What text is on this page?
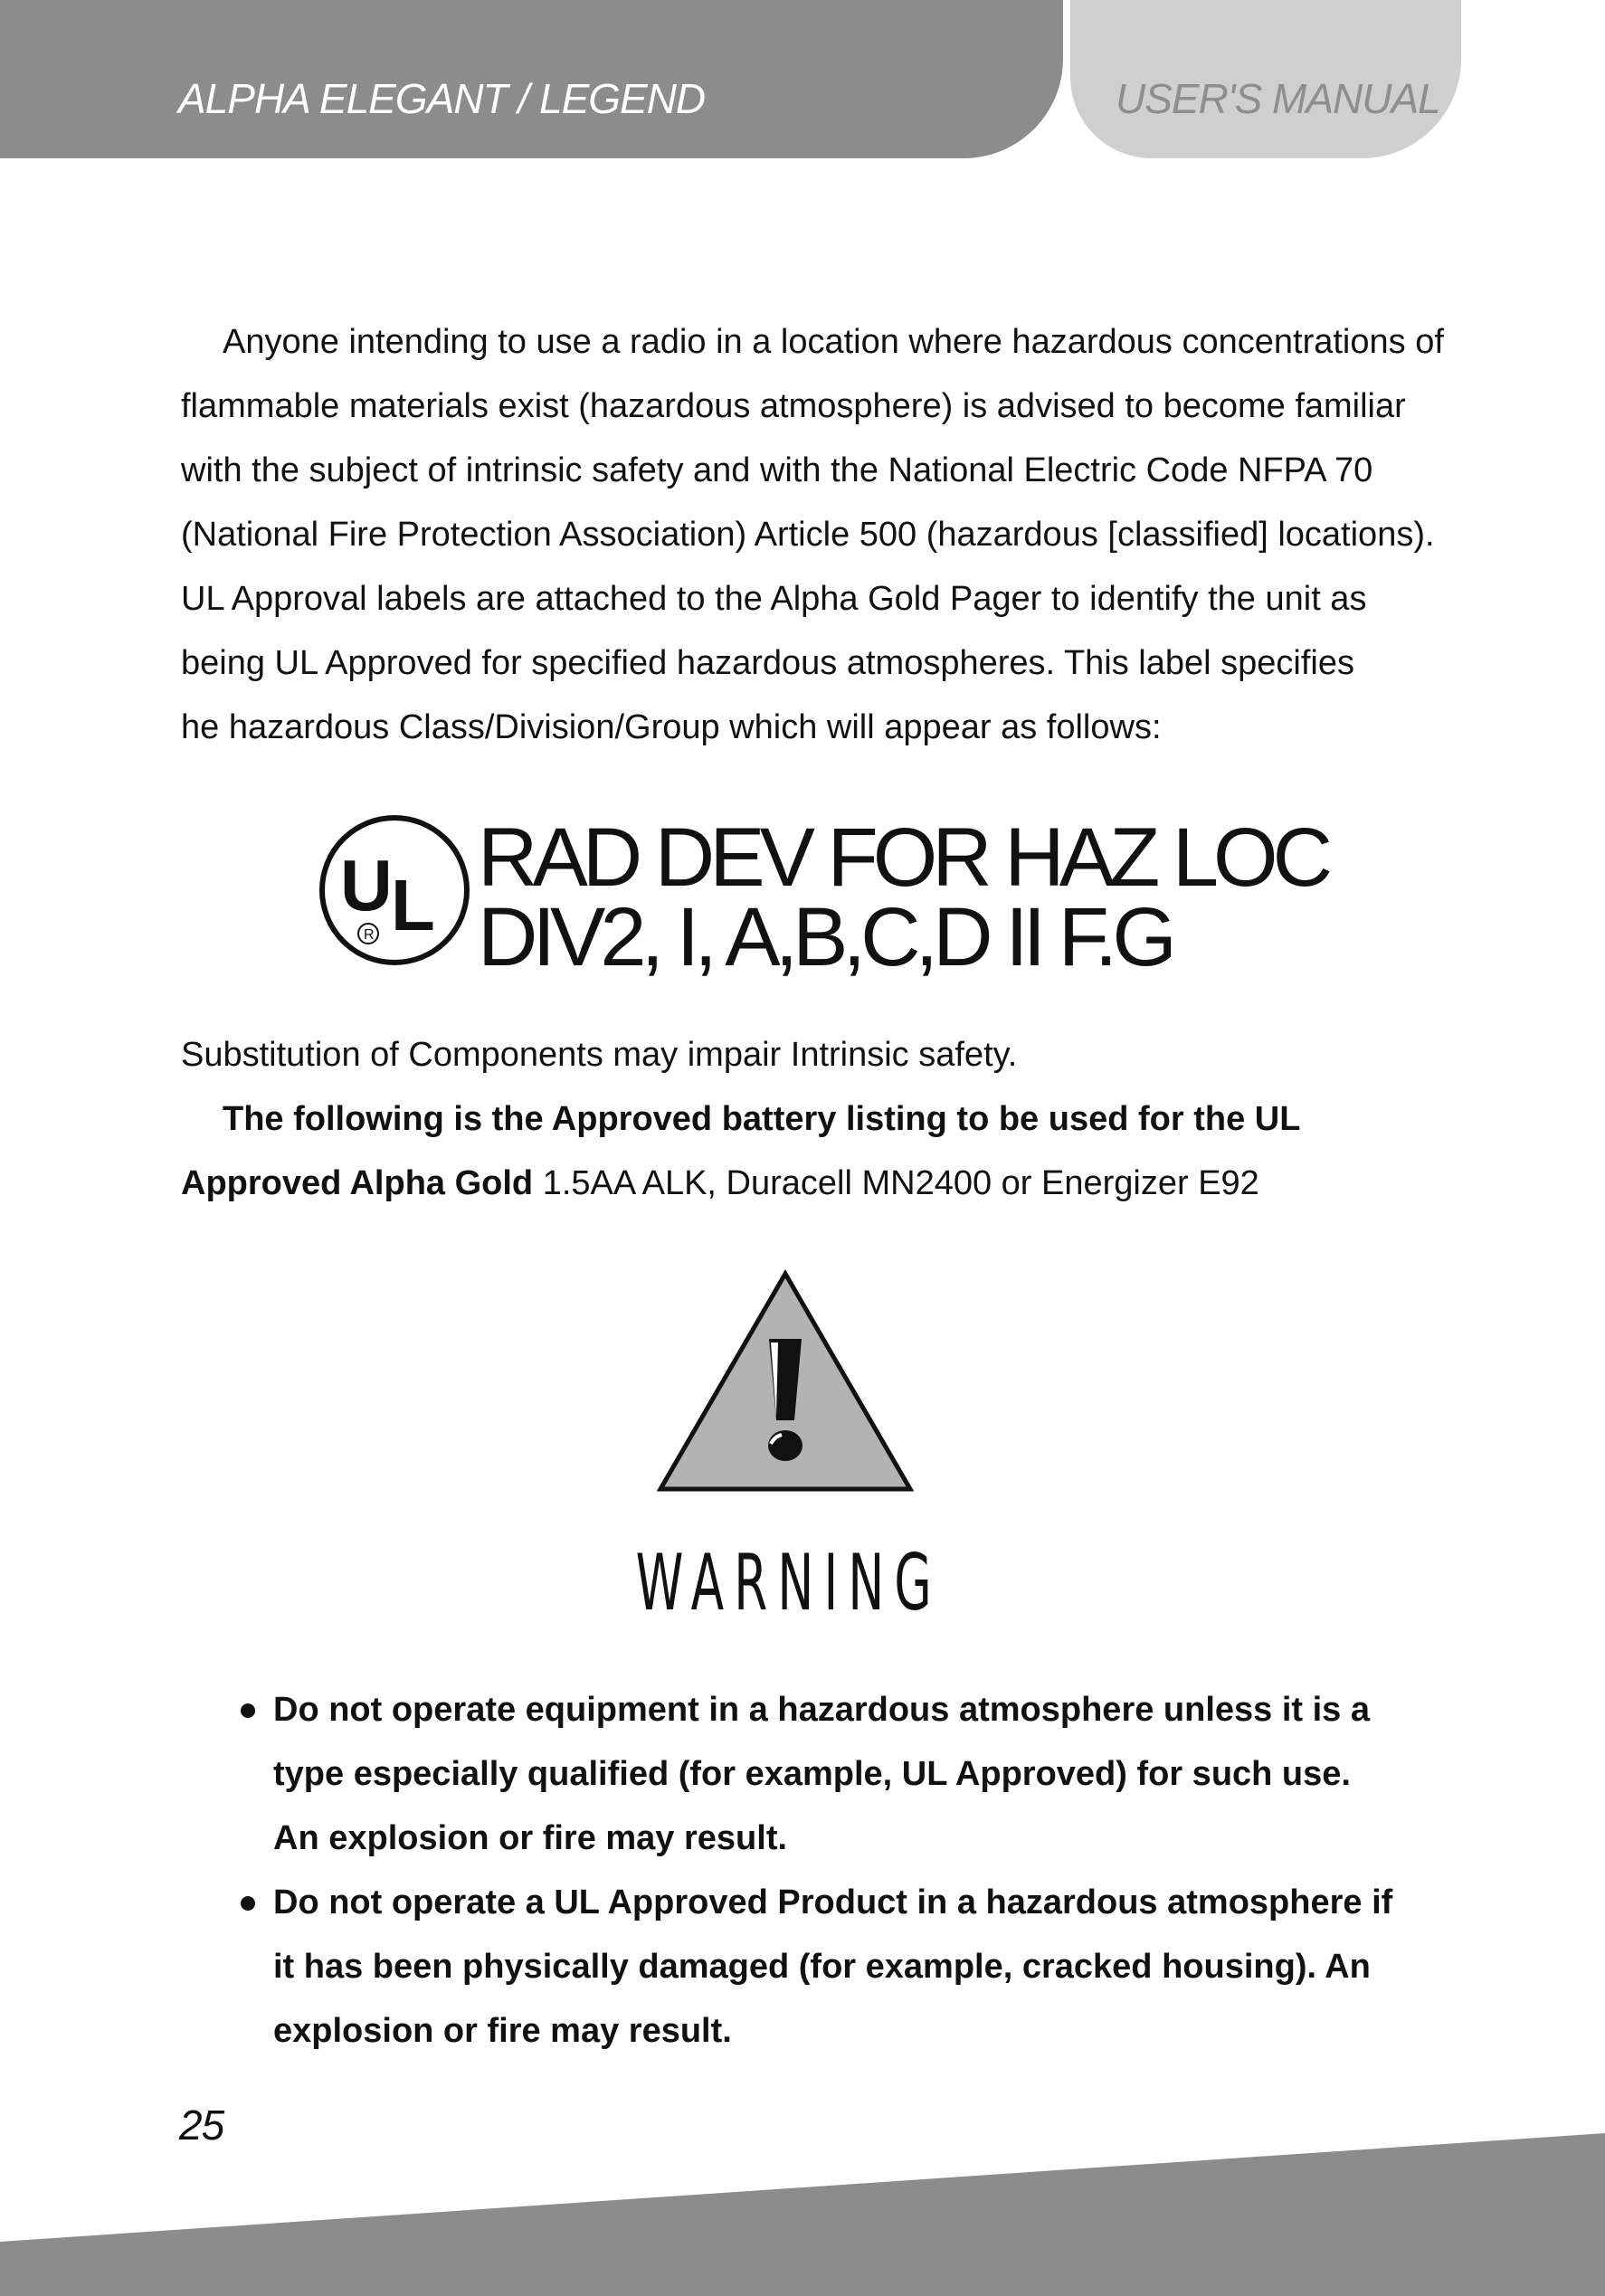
ALPHA ELEGANT / LEGEND	USER'S MANUAL

Anyone intending to use a radio in a location where hazardous concentrations of

flammable materials exist (hazardous atmosphere) is advised to become familiar

with the subject of intrinsic safety and with the National Electric Code NFPA 70

(National Fire Protection Association) Article 500 (hazardous [classified] locations).

UL Approval labels are attached to the Alpha Gold Pager to identify the unit as

being UL Approved for specified hazardous atmospheres. This label specifies

he hazardous Class/Division/Group which will appear as follows:

U
L
R
RAD DEV FOR HAZ LOC
DIV2, I, A,B,C,D II F.G
Substitution of Components may impair Intrinsic safety.

The following is the Approved battery listing to be used for the UL

Approved Alpha Gold 1.5AA ALK, Duracell MN2400 or Energizer E92

WARNING
Do not operate equipment in a hazardous atmosphere unless it is a
type especially qualified (for example, UL Approved) for such use.
An explosion or fire may result.
Do not operate a UL Approved Product in a hazardous atmosphere if
it has been physically damaged (for example, cracked housing). An
explosion or fire may result.
25
